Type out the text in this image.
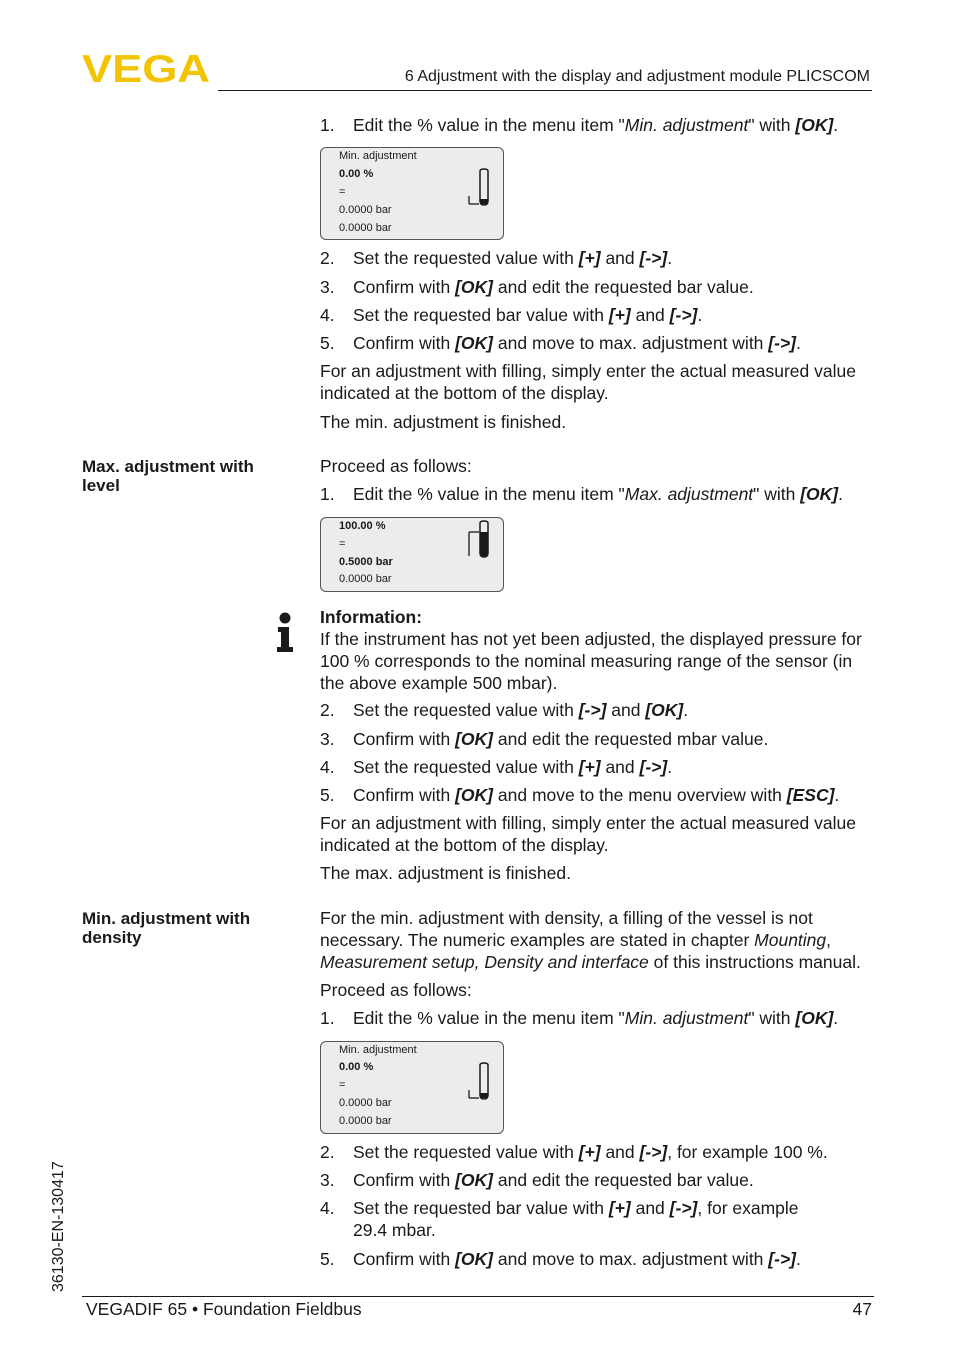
VEGA	6 Adjustment with the display and adjustment module PLICSCOM
1.	Edit the % value in the menu item "Min. adjustment" with [OK].
Min. adjustment
0.00 %
=
0.0000 bar
0.0000 bar
2.	Set the requested value with [+] and [->].
3.	Confirm with [OK] and edit the requested bar value.
4.	Set the requested bar value with [+] and [->].
5.	Confirm with [OK] and move to max. adjustment with [->].
For an adjustment with filling, simply enter the actual measured value
indicated at the bottom of the display.
The min. adjustment is finished.
Max. adjustment with
level
Proceed as follows:
1.	Edit the % value in the menu item "Max. adjustment" with [OK].
100.00 %
=
0.5000 bar
0.0000 bar
Information:
If the instrument has not yet been adjusted, the displayed pressure for
100 % corresponds to the nominal measuring range of the sensor (in
the above example 500 mbar).
2.	Set the requested value with [->] and [OK].
3.	Confirm with [OK] and edit the requested mbar value.
4.	Set the requested value with [+] and [->].
5.	Confirm with [OK] and move to the menu overview with [ESC].
For an adjustment with filling, simply enter the actual measured value
indicated at the bottom of the display.
The max. adjustment is finished.
Min. adjustment with
density
For the min. adjustment with density, a filling of the vessel is not
necessary. The numeric examples are stated in chapter Mounting,
Measurement setup, Density and interface of this instructions manual.
Proceed as follows:
1.	Edit the % value in the menu item "Min. adjustment" with [OK].
Min. adjustment
0.00 %
=
0.0000 bar
0.0000 bar
2.	Set the requested value with [+] and [->], for example 100 %.
3.	Confirm with [OK] and edit the requested bar value.
4.	Set the requested bar value with [+] and [->], for example
29.4 mbar.
5.	Confirm with [OK] and move to max. adjustment with [->].
36130-EN-130417
VEGADIF 65 • Foundation Fieldbus	47
